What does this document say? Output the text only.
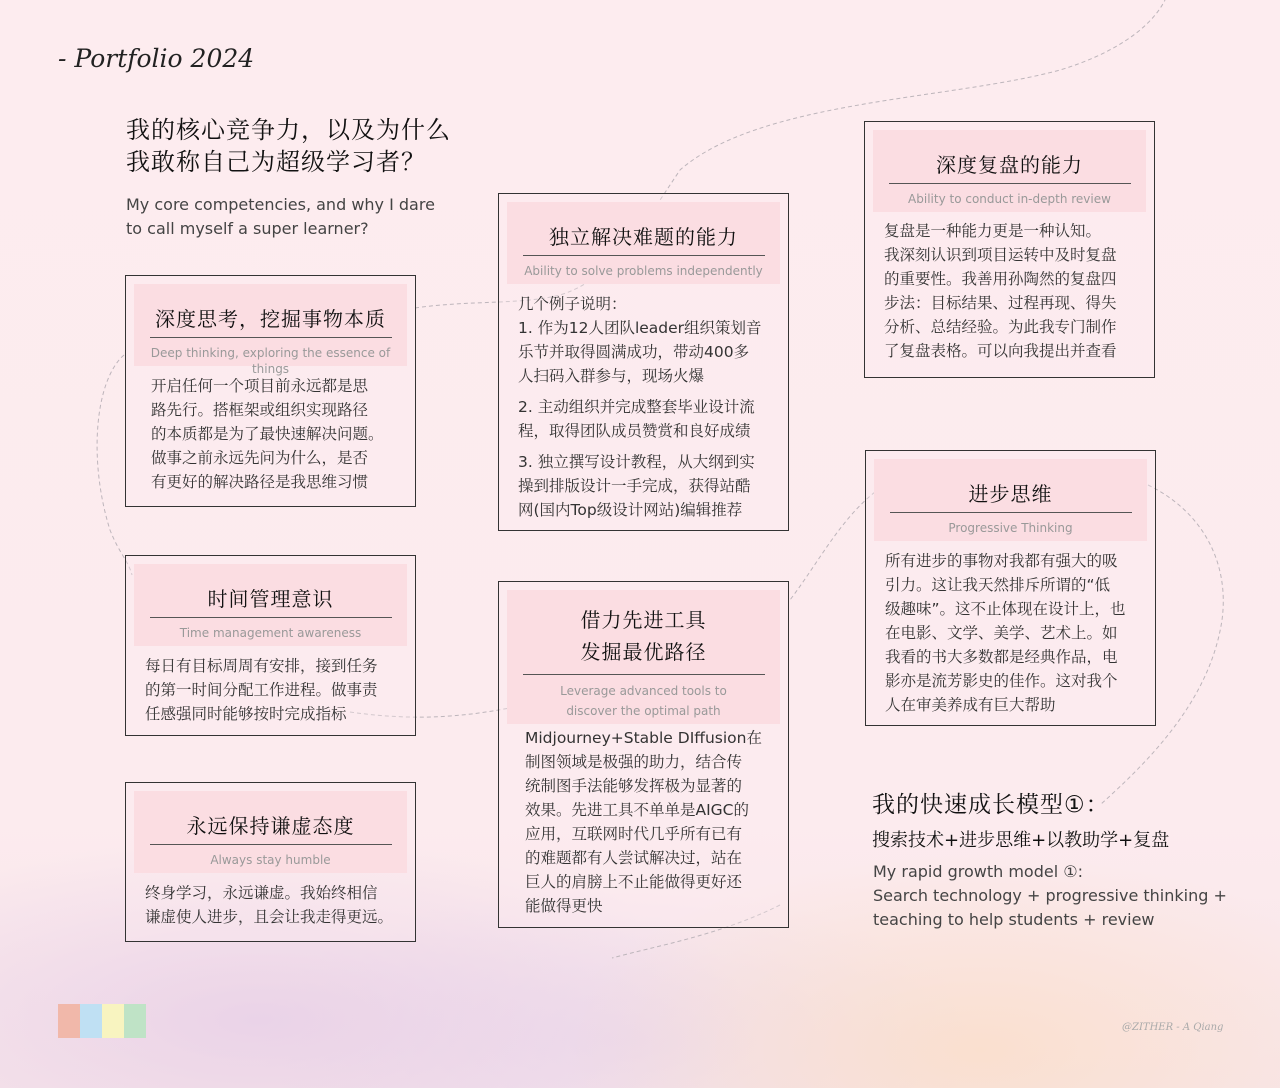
- Portfolio 2024
我的核心竞争力，以及为什么
我敢称自己为超级学习者？
My core competencies, and why I dare
to call myself a super learner?
深度思考，挖掘事物本质
Deep thinking, exploring the essence of things

开启任何一个项目前永远都是思

路先行。搭框架或组织实现路径

的本质都是为了最快速解决问题。

做事之前永远先问为什么，是否

有更好的解决路径是我思维习惯

时间管理意识
Time management awareness

每日有目标周周有安排，接到任务

的第一时间分配工作进程。做事责

任感强同时能够按时完成指标

永远保持谦虚态度
Always stay humble

终身学习，永远谦虚。我始终相信

谦虚使人进步，且会让我走得更远。

独立解决难题的能力
Ability to solve problems independently

几个例子说明：

1. 作为12人团队leader组织策划音

乐节并取得圆满成功，带动400多

人扫码入群参与，现场火爆

2. 主动组织并完成整套毕业设计流

程，取得团队成员赞赏和良好成绩

3. 独立撰写设计教程，从大纲到实

操到排版设计一手完成，获得站酷

网(国内Top级设计网站)编辑推荐

借力先进工具
发掘最优路径
Leverage advanced tools to
discover the optimal path

Midjourney+Stable DIffusion在

制图领域是极强的助力，结合传

统制图手法能够发挥极为显著的

效果。先进工具不单单是AIGC的

应用，互联网时代几乎所有已有

的难题都有人尝试解决过，站在

巨人的肩膀上不止能做得更好还

能做得更快

深度复盘的能力
Ability to conduct in-depth review

复盘是一种能力更是一种认知。

我深刻认识到项目运转中及时复盘

的重要性。我善用孙陶然的复盘四

步法：目标结果、过程再现、得失

分析、总结经验。为此我专门制作

了复盘表格。可以向我提出并查看

进步思维
Progressive Thinking

所有进步的事物对我都有强大的吸

引力。这让我天然排斥所谓的“低

级趣味”。这不止体现在设计上，也

在电影、文学、美学、艺术上。如

我看的书大多数都是经典作品，电

影亦是流芳影史的佳作。这对我个

人在审美养成有巨大帮助

我的快速成长模型①：
搜索技术+进步思维+以教助学+复盘
My rapid growth model ①:
Search technology + progressive thinking +
teaching to help students + review
@ZITHER - A Qiang
